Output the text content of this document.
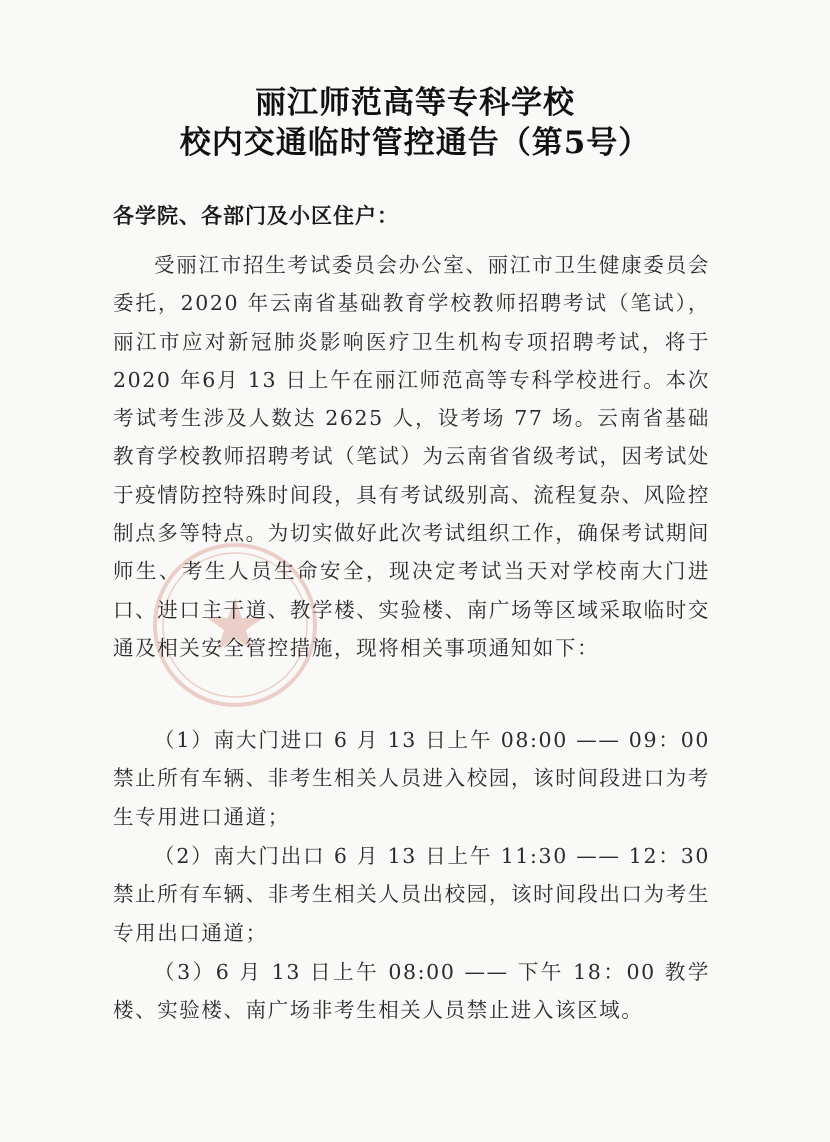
丽江师范高等专科学校
校内交通临时管控通告（第5号）
各学院、各部门及小区住户：

受丽江市招生考试委员会办公室、丽江市卫生健康委员会委托，2020 年云南省基础教育学校教师招聘考试（笔试），丽江市应对新冠肺炎影响医疗卫生机构专项招聘考试，将于 2020 年6月 13 日上午在丽江师范高等专科学校进行。本次考试考生涉及人数达 2625 人，设考场 77 场。云南省基础教育学校教师招聘考试（笔试）为云南省省级考试，因考试处于疫情防控特殊时间段，具有考试级别高、流程复杂、风险控制点多等特点。为切实做好此次考试组织工作，确保考试期间师生、考生人员生命安全，现决定考试当天对学校南大门进口、进口主干道、教学楼、实验楼、南广场等区域采取临时交通及相关安全管控措施，现将相关事项通知如下：

（1）南大门进口 6 月 13 日上午 08:00 —— 09：00 禁止所有车辆、非考生相关人员进入校园，该时间段进口为考生专用进口通道；

（2）南大门出口 6 月 13 日上午 11:30 —— 12：30 禁止所有车辆、非考生相关人员出校园，该时间段出口为考生专用出口通道；

（3）6 月 13 日上午 08:00 —— 下午 18：00 教学楼、实验楼、南广场非考生相关人员禁止进入该区域。
